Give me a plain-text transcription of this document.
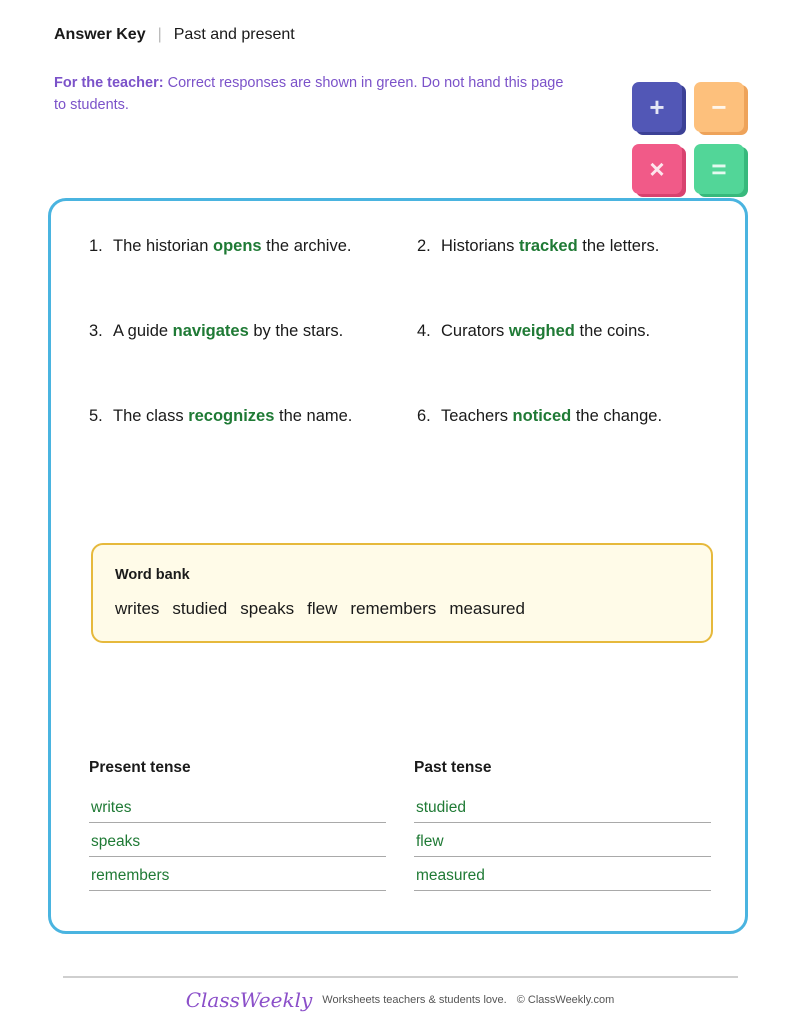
Answer Key | Past and present
For the teacher: Correct responses are shown in green. Do not hand this page to students.	+	−
×	=
1. The historian opens the archive.	2. Historians tracked the letters.
3. A guide navigates by the stars.	4. Curators weighed the coins.
5. The class recognizes the name.	6. Teachers noticed the change.
Word bank
writes studied speaks flew remembers measured
Present tense
writes
speaks
remembers
Past tense
studied
flew
measured
ClassWeekly Worksheets teachers & students love. © ClassWeekly.com
